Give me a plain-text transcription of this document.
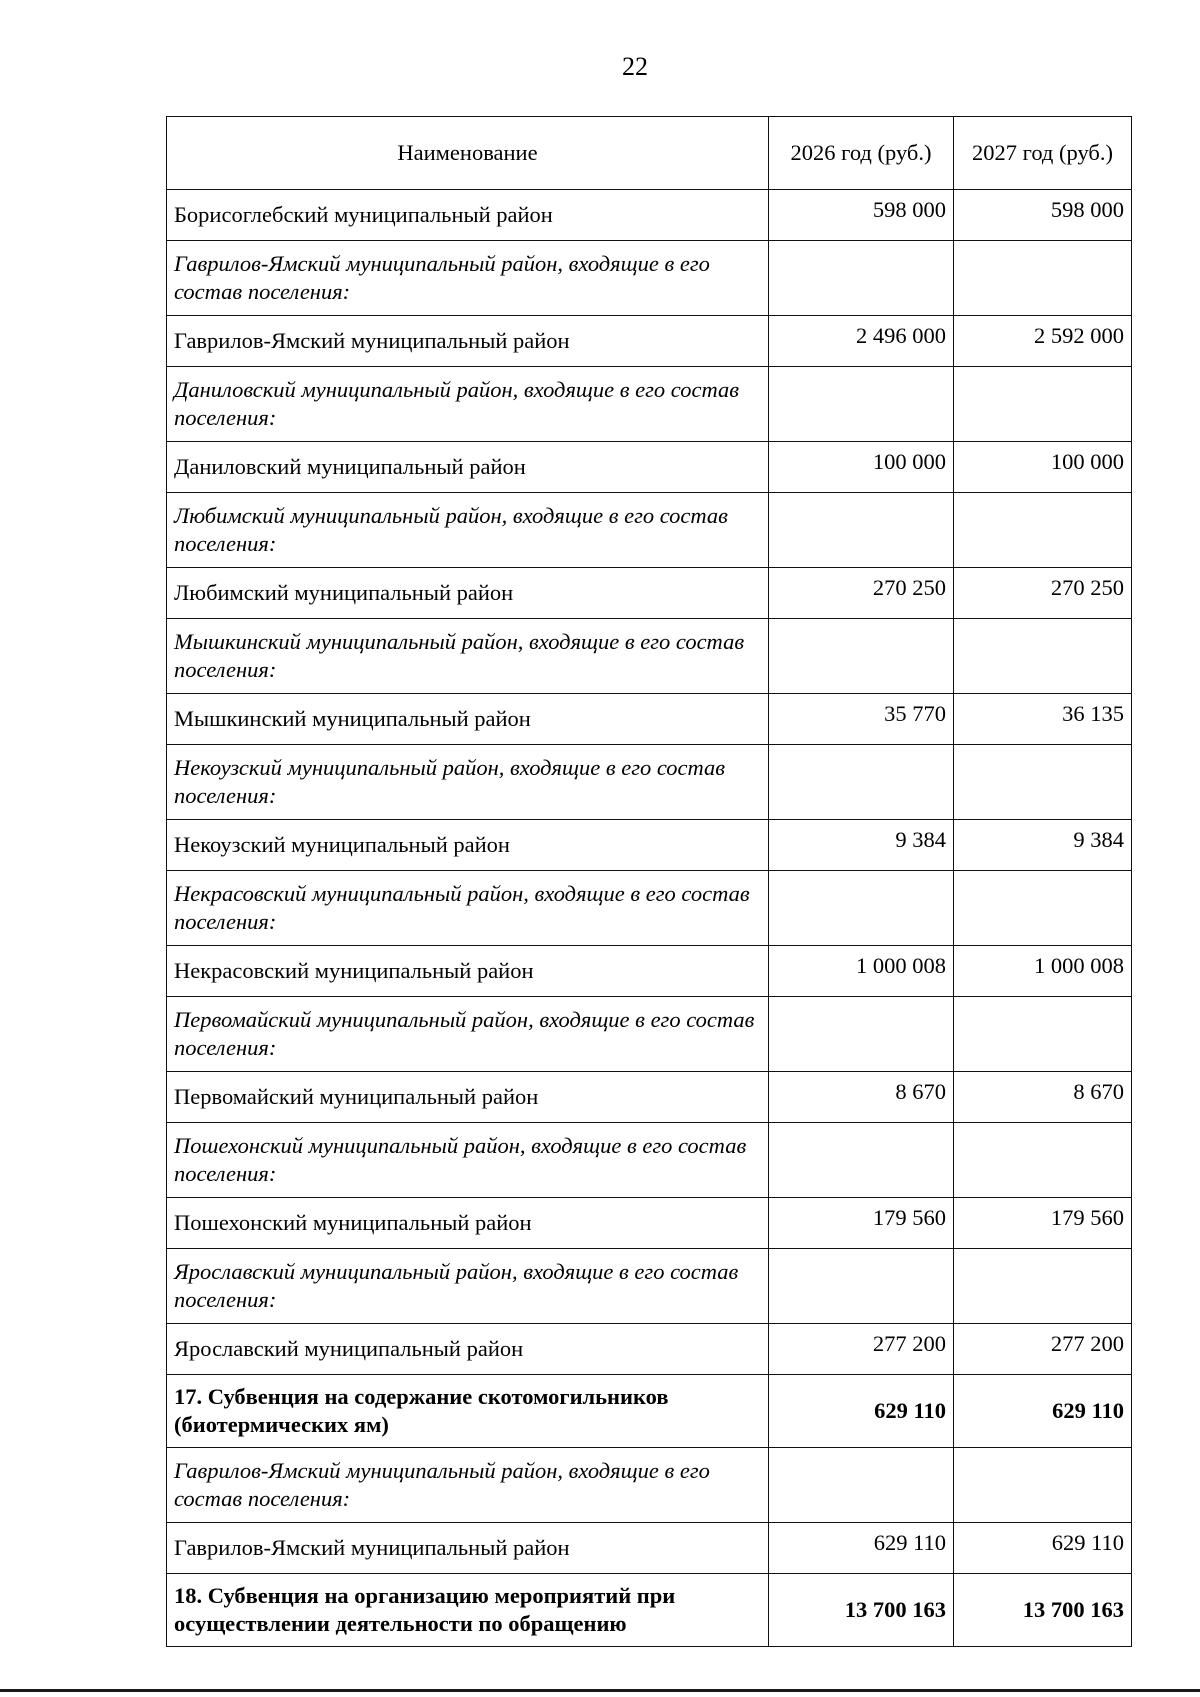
22
Наименование	2026 год (руб.)	2027 год (руб.)
Борисоглебский муниципальный район	598 000	598 000
Гаврилов-Ямский муниципальный район, входящие в его состав поселения:		
Гаврилов-Ямский муниципальный район	2 496 000	2 592 000
Даниловский муниципальный район, входящие в его состав поселения:		
Даниловский муниципальный район	100 000	100 000
Любимский муниципальный район, входящие в его состав поселения:		
Любимский муниципальный район	270 250	270 250
Мышкинский муниципальный район, входящие в его состав поселения:		
Мышкинский муниципальный район	35 770	36 135
Некоузский муниципальный район, входящие в его состав поселения:		
Некоузский муниципальный район	9 384	9 384
Некрасовский муниципальный район, входящие в его состав поселения:		
Некрасовский муниципальный район	1 000 008	1 000 008
Первомайский муниципальный район, входящие в его состав поселения:		
Первомайский муниципальный район	8 670	8 670
Пошехонский муниципальный район, входящие в его состав поселения:		
Пошехонский муниципальный район	179 560	179 560
Ярославский муниципальный район, входящие в его состав поселения:		
Ярославский муниципальный район	277 200	277 200
17. Субвенция на содержание скотомогильников (биотермических ям)	629 110	629 110
Гаврилов-Ямский муниципальный район, входящие в его состав поселения:		
Гаврилов-Ямский муниципальный район	629 110	629 110
18. Субвенция на организацию мероприятий при осуществлении деятельности по обращению	13 700 163	13 700 163
